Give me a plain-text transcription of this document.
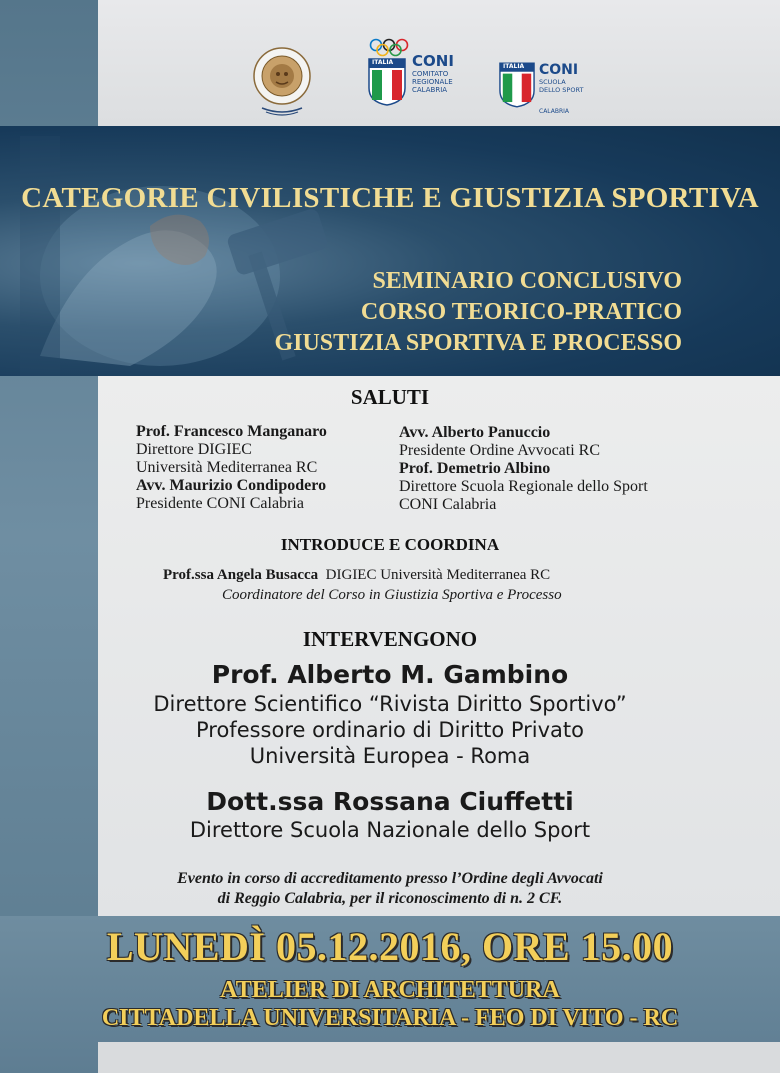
ITALIA CONI
COMITATO
REGIONALE
CALABRIA
ITALIA CONI
SCUOLA
DELLO SPORT
CALABRIA
CATEGORIE CIVILISTICHE E GIUSTIZIA SPORTIVA
SEMINARIO CONCLUSIVO
CORSO TEORICO-PRATICO
GIUSTIZIA SPORTIVA E PROCESSO
SALUTI
Prof. Francesco Manganaro
Direttore DIGIEC
Università Mediterranea RC
Avv. Maurizio Condipodero
Presidente CONI Calabria
Avv. Alberto Panuccio
Presidente Ordine Avvocati RC
Prof. Demetrio Albino
Direttore Scuola Regionale dello Sport
CONI Calabria
INTRODUCE E COORDINA
Prof.ssa Angela Busacca DIGIEC Università Mediterranea RC
Coordinatore del Corso in Giustizia Sportiva e Processo
INTERVENGONO
Prof. Alberto M. Gambino
Direttore Scientifico “Rivista Diritto Sportivo”
Professore ordinario di Diritto Privato
Università Europea - Roma
Dott.ssa Rossana Ciuffetti
Direttore Scuola Nazionale dello Sport
Evento in corso di accreditamento presso l’Ordine degli Avvocati
di Reggio Calabria, per il riconoscimento di n. 2 CF.
LUNEDÌ 05.12.2016, ORE 15.00
ATELIER DI ARCHITETTURA
CITTADELLA UNIVERSITARIA - FEO DI VITO - RC
